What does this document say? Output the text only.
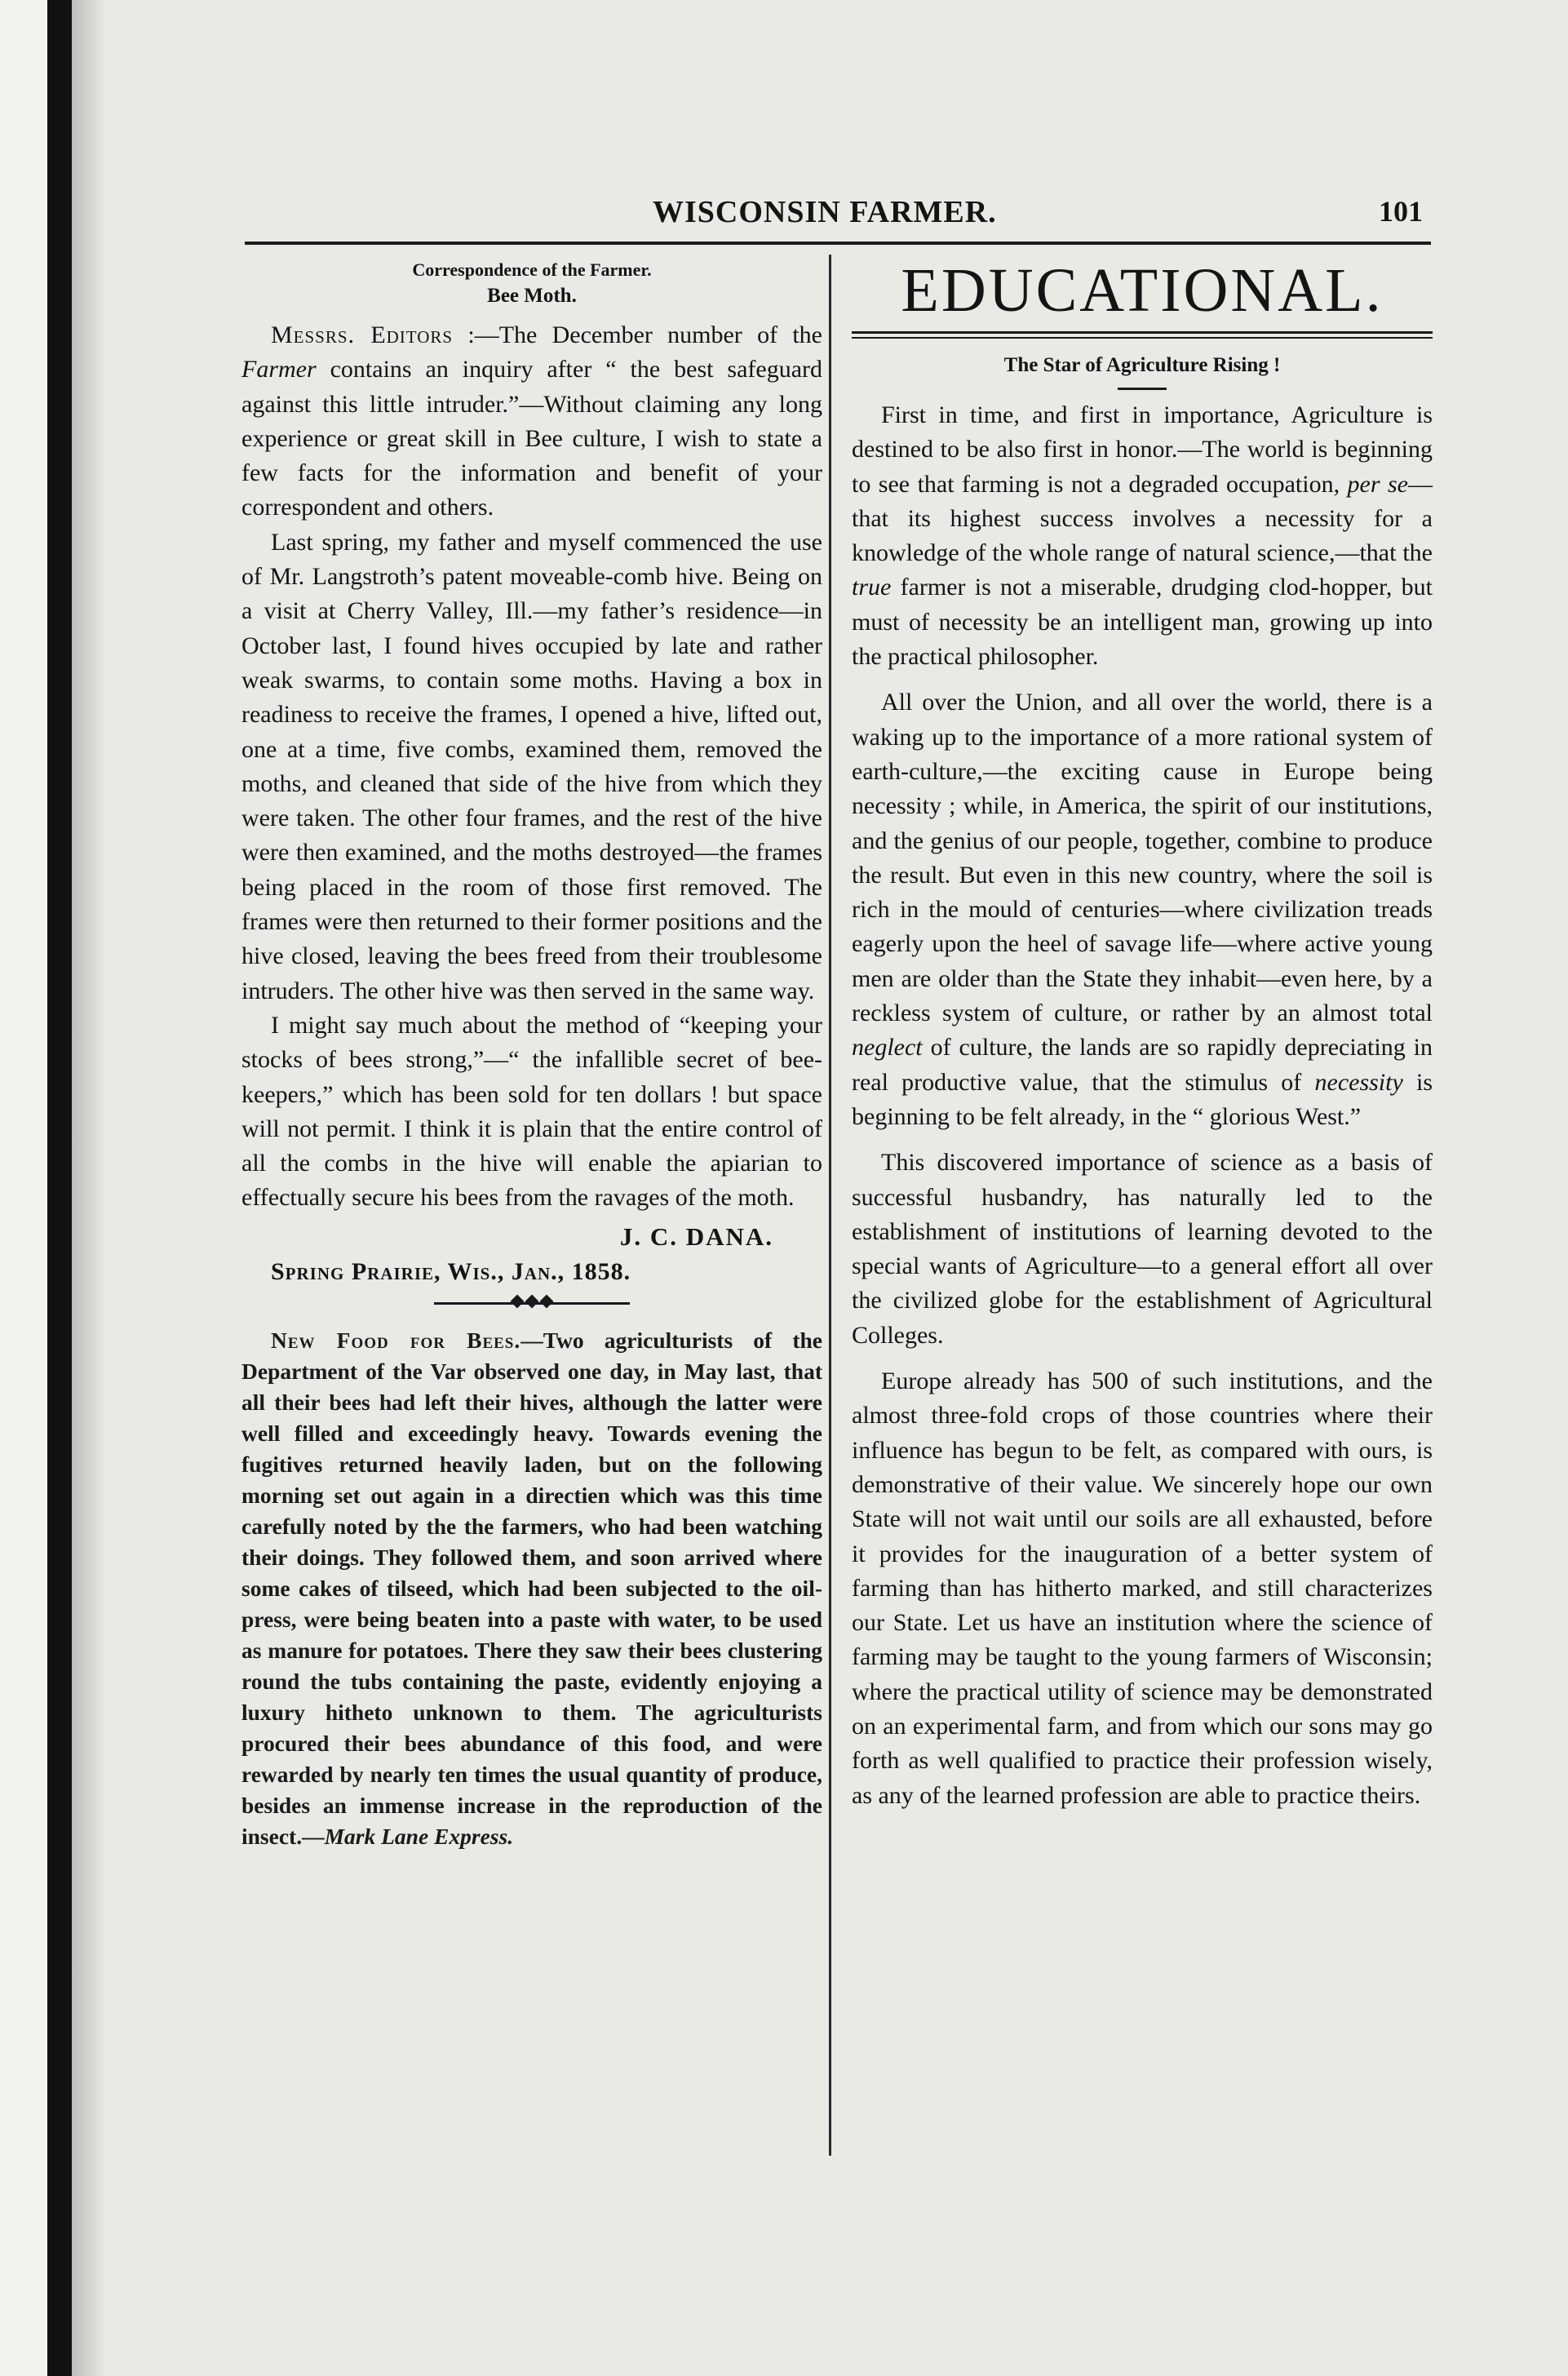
WISCONSIN FARMER.	101
Correspondence of the Farmer.
Bee Moth.

Messrs. Editors :—The December number of the Farmer contains an inquiry after “ the best safeguard against this little intruder.”—Without claiming any long experience or great skill in Bee culture, I wish to state a few facts for the information and benefit of your correspondent and others.

Last spring, my father and myself commenced the use of Mr. Langstroth’s patent moveable-comb hive. Being on a visit at Cherry Valley, Ill.—my father’s residence—in October last, I found hives occupied by late and rather weak swarms, to contain some moths. Having a box in readiness to receive the frames, I opened a hive, lifted out, one at a time, five combs, examined them, removed the moths, and cleaned that side of the hive from which they were taken. The other four frames, and the rest of the hive were then examined, and the moths destroyed—the frames being placed in the room of those first removed. The frames were then returned to their former positions and the hive closed, leaving the bees freed from their troublesome intruders. The other hive was then served in the same way.

I might say much about the method of “keeping your stocks of bees strong,”—“ the infallible secret of bee-keepers,” which has been sold for ten dollars ! but space will not permit. I think it is plain that the entire control of all the combs in the hive will enable the apiarian to effectually secure his bees from the ravages of the moth.

J. C. DANA.
Spring Prairie, Wis., Jan., 1858.

New Food for Bees.—Two agriculturists of the Department of the Var observed one day, in May last, that all their bees had left their hives, although the latter were well filled and exceedingly heavy. Towards evening the fugitives returned heavily laden, but on the following morning set out again in a directien which was this time carefully noted by the the farmers, who had been watching their doings. They followed them, and soon arrived where some cakes of tilseed, which had been subjected to the oil-press, were being beaten into a paste with water, to be used as manure for potatoes. There they saw their bees clustering round the tubs containing the paste, evidently enjoying a luxury hitheto unknown to them. The agriculturists procured their bees abundance of this food, and were rewarded by nearly ten times the usual quantity of produce, besides an immense increase in the reproduction of the insect.—Mark Lane Express.

EDUCATIONAL.
The Star of Agriculture Rising !

First in time, and first in importance, Agriculture is destined to be also first in honor.—The world is beginning to see that farming is not a degraded occupation, per se—that its highest success involves a necessity for a knowledge of the whole range of natural science,—that the true farmer is not a miserable, drudging clod-hopper, but must of necessity be an intelligent man, growing up into the practical philosopher.

All over the Union, and all over the world, there is a waking up to the importance of a more rational system of earth-culture,—the exciting cause in Europe being necessity ; while, in America, the spirit of our institutions, and the genius of our people, together, combine to produce the result. But even in this new country, where the soil is rich in the mould of centuries—where civilization treads eagerly upon the heel of savage life—where active young men are older than the State they inhabit—even here, by a reckless system of culture, or rather by an almost total neglect of culture, the lands are so rapidly depreciating in real productive value, that the stimulus of necessity is beginning to be felt already, in the “ glorious West.”

This discovered importance of science as a basis of successful husbandry, has naturally led to the establishment of institutions of learning devoted to the special wants of Agriculture—to a general effort all over the civilized globe for the establishment of Agricultural Colleges.

Europe already has 500 of such institutions, and the almost three-fold crops of those countries where their influence has begun to be felt, as compared with ours, is demonstrative of their value. We sincerely hope our own State will not wait until our soils are all exhausted, before it provides for the inauguration of a better system of farming than has hitherto marked, and still characterizes our State. Let us have an institution where the science of farming may be taught to the young farmers of Wisconsin; where the practical utility of science may be demonstrated on an experimental farm, and from which our sons may go forth as well qualified to practice their profession wisely, as any of the learned profession are able to practice theirs.
